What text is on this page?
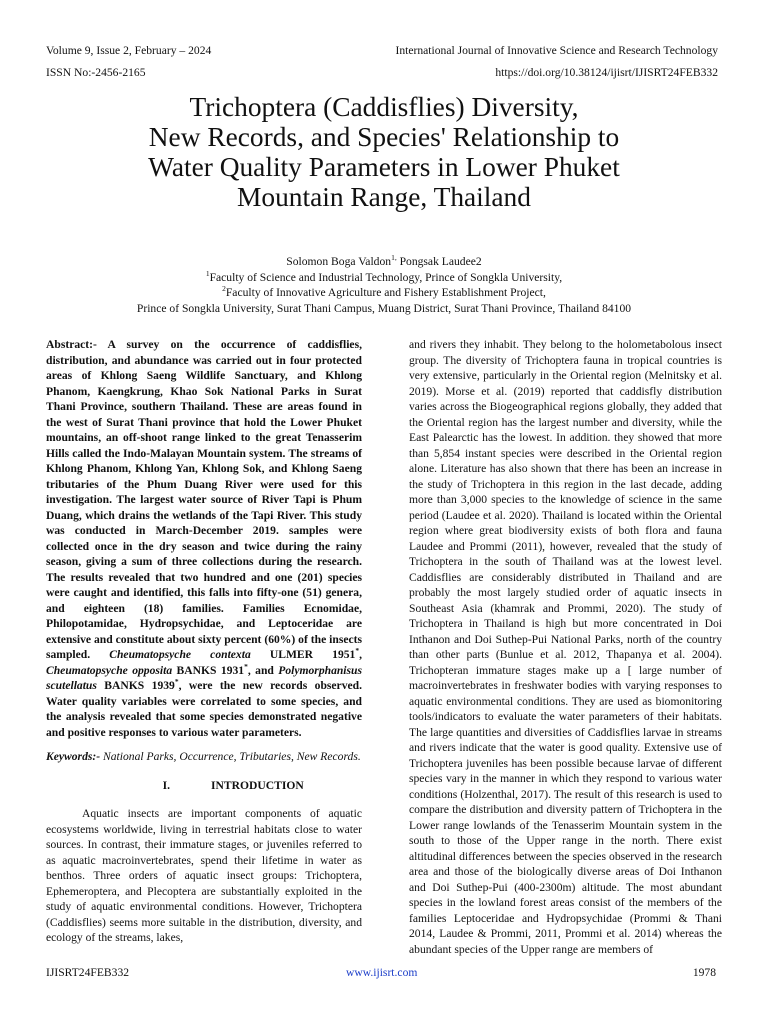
Volume 9, Issue 2, February – 2024	International Journal of Innovative Science and Research Technology
ISSN No:-2456-2165	https://doi.org/10.38124/ijisrt/IJISRT24FEB332
Trichoptera (Caddisflies) Diversity,
New Records, and Species' Relationship to
Water Quality Parameters in Lower Phuket
Mountain Range, Thailand
Solomon Boga Valdon$^{1,}$ Pongsak Laudee2
$^1$Faculty of Science and Industrial Technology, Prince of Songkla University,
$^2$Faculty of Innovative Agriculture and Fishery Establishment Project,
Prince of Songkla University, Surat Thani Campus, Muang District, Surat Thani Province, Thailand 84100

Abstract:- A survey on the occurrence of caddisflies, distribution, and abundance was carried out in four protected areas of Khlong Saeng Wildlife Sanctuary, and Khlong Phanom, Kaengkrung, Khao Sok National Parks in Surat Thani Province, southern Thailand. These are areas found in the west of Surat Thani province that hold the Lower Phuket mountains, an off-shoot range linked to the great Tenasserim Hills called the Indo-Malayan Mountain system. The streams of Khlong Phanom, Khlong Yan, Khlong Sok, and Khlong Saeng tributaries of the Phum Duang River were used for this investigation. The largest water source of River Tapi is Phum Duang, which drains the wetlands of the Tapi River. This study was conducted in March-December 2019. samples were collected once in the dry season and twice during the rainy season, giving a sum of three collections during the research. The results revealed that two hundred and one (201) species were caught and identified, this falls into fifty-one (51) genera, and eighteen (18) families. Families Ecnomidae, Philopotamidae, Hydropsychidae, and Leptoceridae are extensive and constitute about sixty percent (60%) of the insects sampled. Cheumatopsyche contexta ULMER 1951*, Cheumatopsyche opposita BANKS 1931*, and Polymorphanisus scutellatus BANKS 1939*, were the new records observed. Water quality variables were correlated to some species, and the analysis revealed that some species demonstrated negative and positive responses to various water parameters.

Keywords:- National Parks, Occurrence, Tributaries, New Records.

I.	INTRODUCTION

Aquatic insects are important components of aquatic ecosystems worldwide, living in terrestrial habitats close to water sources. In contrast, their immature stages, or juveniles referred to as aquatic macroinvertebrates, spend their lifetime in water as benthos. Three orders of aquatic insect groups: Trichoptera, Ephemeroptera, and Plecoptera are substantially exploited in the study of aquatic environmental conditions. However, Trichoptera (Caddisflies) seems more suitable in the distribution, diversity, and ecology of the streams, lakes,

and rivers they inhabit. They belong to the holometabolous insect group. The diversity of Trichoptera fauna in tropical countries is very extensive, particularly in the Oriental region (Melnitsky et al. 2019). Morse et al. (2019) reported that caddisfly distribution varies across the Biogeographical regions globally, they added that the Oriental region has the largest number and diversity, while the East Palearctic has the lowest. In addition. they showed that more than 5,854 instant species were described in the Oriental region alone. Literature has also shown that there has been an increase in the study of Trichoptera in this region in the last decade, adding more than 3,000 species to the knowledge of science in the same period (Laudee et al. 2020). Thailand is located within the Oriental region where great biodiversity exists of both flora and fauna Laudee and Prommi (2011), however, revealed that the study of Trichoptera in the south of Thailand was at the lowest level. Caddisflies are considerably distributed in Thailand and are probably the most largely studied order of aquatic insects in Southeast Asia (khamrak and Prommi, 2020). The study of Trichoptera in Thailand is high but more concentrated in Doi Inthanon and Doi Suthep-Pui National Parks, north of the country than other parts (Bunlue et al. 2012, Thapanya et al. 2004). Trichopteran immature stages make up a [ large number of macroinvertebrates in freshwater bodies with varying responses to aquatic environmental conditions. They are used as biomonitoring tools/indicators to evaluate the water parameters of their habitats. The large quantities and diversities of Caddisflies larvae in streams and rivers indicate that the water is good quality. Extensive use of Trichoptera juveniles has been possible because larvae of different species vary in the manner in which they respond to various water conditions (Holzenthal, 2017). The result of this research is used to compare the distribution and diversity pattern of Trichoptera in the Lower range lowlands of the Tenasserim Mountain system in the south to those of the Upper range in the north. There exist altitudinal differences between the species observed in the research area and those of the biologically diverse areas of Doi Inthanon and Doi Suthep-Pui (400-2300m) altitude. The most abundant species in the lowland forest areas consist of the members of the families Leptoceridae and Hydropsychidae (Prommi & Thani 2014, Laudee & Prommi, 2011, Prommi et al. 2014) whereas the abundant species of the Upper range are members of

IJISRT24FEB332	www.ijisrt.com	1978
